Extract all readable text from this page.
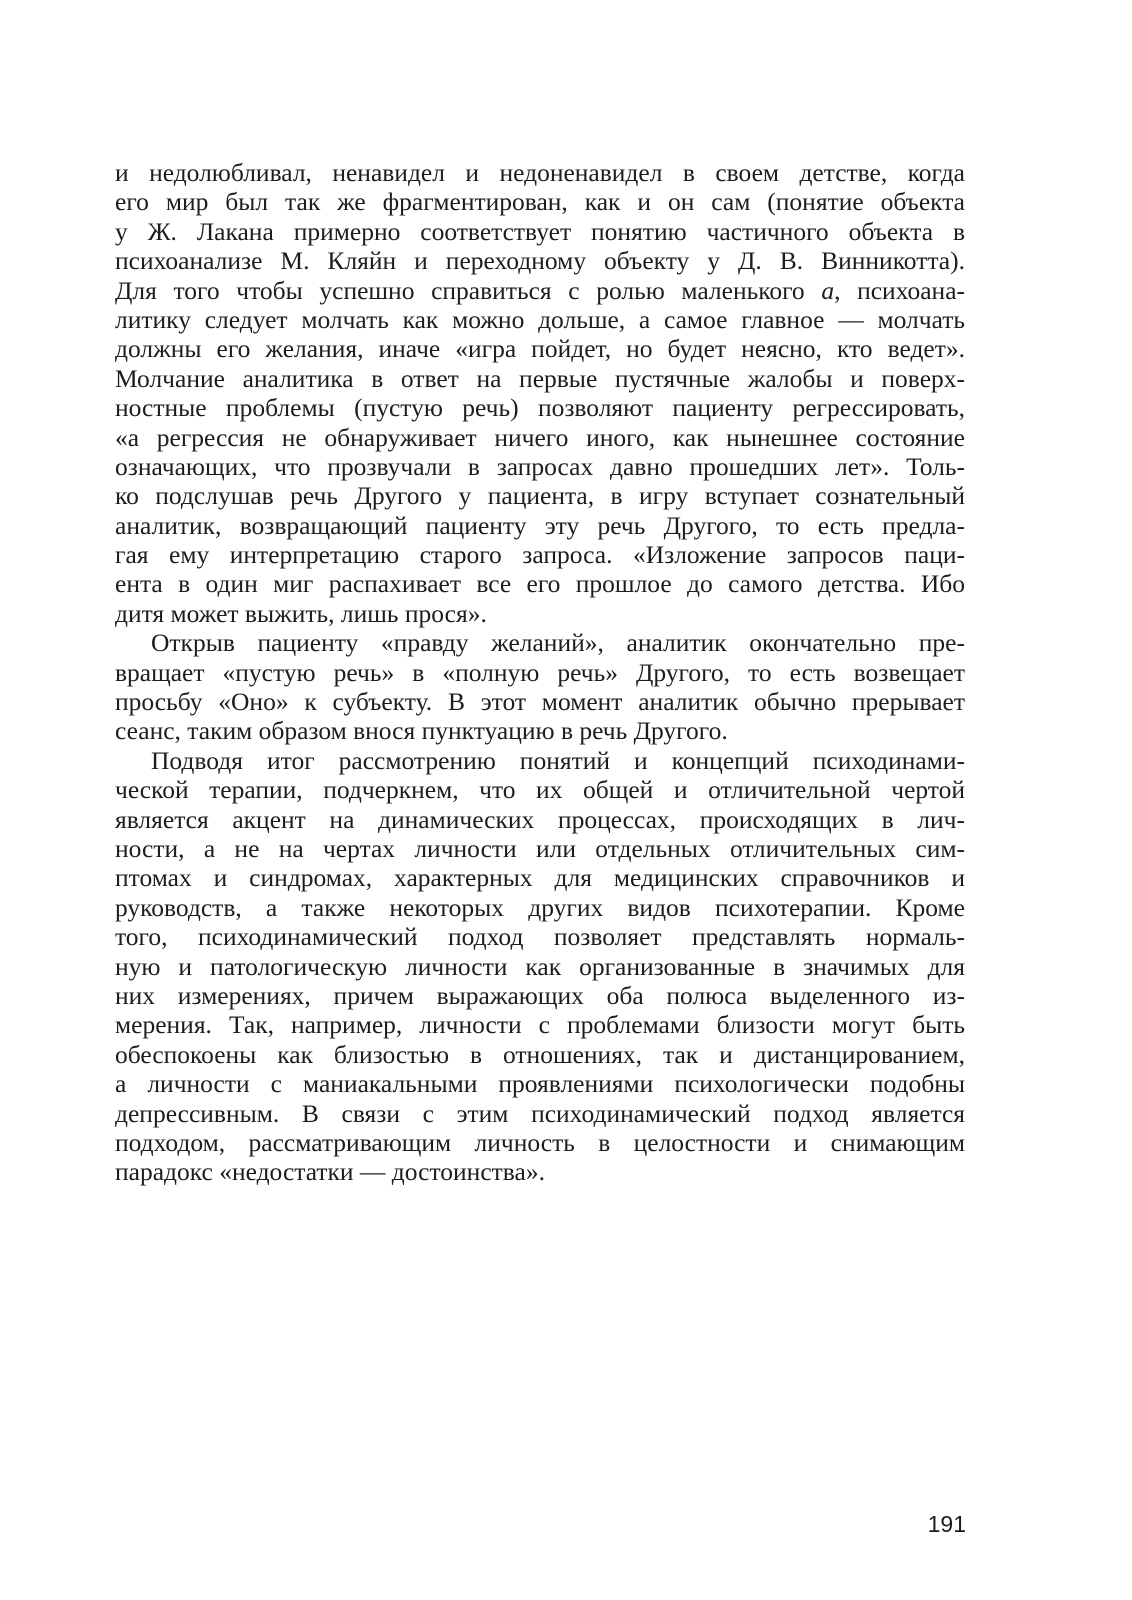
и недолюбливал, ненавидел и недоненавидел в своем детстве, когда
его мир был так же фрагментирован, как и он сам (понятие объекта
у Ж. Лакана примерно соответствует понятию частичного объекта в
психоанализе М. Кляйн и переходному объекту у Д. В. Винникотта).
Для того чтобы успешно справиться с ролью маленького a, психоана-
литику следует молчать как можно дольше, а самое главное — молчать
должны его желания, иначе «игра пойдет, но будет неясно, кто ведет».
Молчание аналитика в ответ на первые пустячные жалобы и поверх-
ностные проблемы (пустую речь) позволяют пациенту регрессировать,
«а регрессия не обнаруживает ничего иного, как нынешнее состояние
означающих, что прозвучали в запросах давно прошедших лет». Толь-
ко подслушав речь Другого у пациента, в игру вступает сознательный
аналитик, возвращающий пациенту эту речь Другого, то есть предла-
гая ему интерпретацию старого запроса. «Изложение запросов паци-
ента в один миг распахивает все его прошлое до самого детства. Ибо
дитя может выжить, лишь прося».
Открыв пациенту «правду желаний», аналитик окончательно пре-
вращает «пустую речь» в «полную речь» Другого, то есть возвещает
просьбу «Оно» к субъекту. В этот момент аналитик обычно прерывает
сеанс, таким образом внося пунктуацию в речь Другого.
Подводя итог рассмотрению понятий и концепций психодинами-
ческой терапии, подчеркнем, что их общей и отличительной чертой
является акцент на динамических процессах, происходящих в лич-
ности, а не на чертах личности или отдельных отличительных сим-
птомах и синдромах, характерных для медицинских справочников и
руководств, а также некоторых других видов психотерапии. Кроме
того, психодинамический подход позволяет представлять нормаль-
ную и патологическую личности как организованные в значимых для
них измерениях, причем выражающих оба полюса выделенного из-
мерения. Так, например, личности с проблемами близости могут быть
обеспокоены как близостью в отношениях, так и дистанцированием,
а личности с маниакальными проявлениями психологически подобны
депрессивным. В связи с этим психодинамический подход является
подходом, рассматривающим личность в целостности и снимающим
парадокс «недостатки — достоинства».
191
